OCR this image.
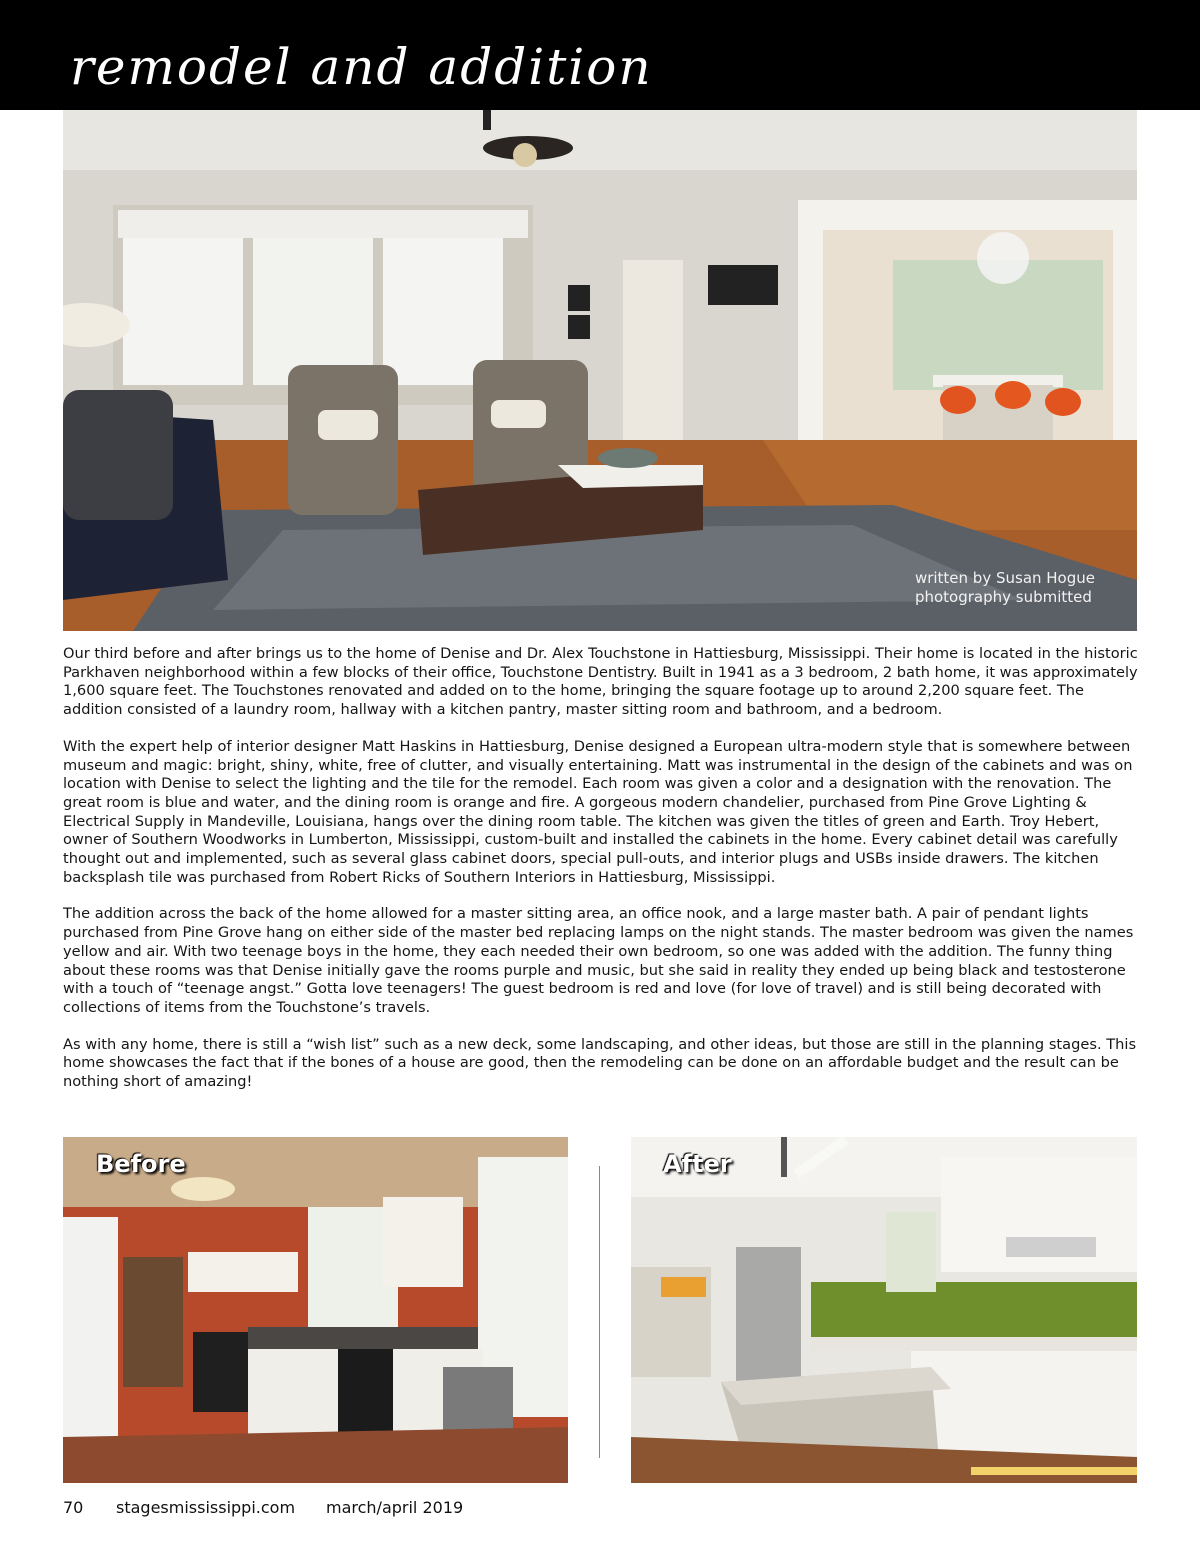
remodel and addition
written by Susan Hogue
photography submitted

Our third before and after brings us to the home of Denise and Dr. Alex Touchstone in Hattiesburg, Mississippi. Their home is located in the historic Parkhaven neighborhood within a few blocks of their office, Touchstone Dentistry. Built in 1941 as a 3 bedroom, 2 bath home, it was approximately 1,600 square feet. The Touchstones renovated and added on to the home, bringing the square footage up to around 2,200 square feet. The addition consisted of a laundry room, hallway with a kitchen pantry, master sitting room and bathroom, and a bedroom.

With the expert help of interior designer Matt Haskins in Hattiesburg, Denise designed a European ultra-modern style that is somewhere between museum and magic: bright, shiny, white, free of clutter, and visually entertaining. Matt was instrumental in the design of the cabinets and was on location with Denise to select the lighting and the tile for the remodel. Each room was given a color and a designation with the renovation. The great room is blue and water, and the dining room is orange and fire. A gorgeous modern chandelier, purchased from Pine Grove Lighting & Electrical Supply in Mandeville, Louisiana, hangs over the dining room table. The kitchen was given the titles of green and Earth. Troy Hebert, owner of Southern Woodworks in Lumberton, Mississippi, custom-built and installed the cabinets in the home. Every cabinet detail was carefully thought out and implemented, such as several glass cabinet doors, special pull-outs, and interior plugs and USBs inside drawers. The kitchen backsplash tile was purchased from Robert Ricks of Southern Interiors in Hattiesburg, Mississippi.

The addition across the back of the home allowed for a master sitting area, an office nook, and a large master bath. A pair of pendant lights purchased from Pine Grove hang on either side of the master bed replacing lamps on the night stands. The master bedroom was given the names yellow and air. With two teenage boys in the home, they each needed their own bedroom, so one was added with the addition. The funny thing about these rooms was that Denise initially gave the rooms purple and music, but she said in reality they ended up being black and testosterone with a touch of “teenage angst.” Gotta love teenagers! The guest bedroom is red and love (for love of travel) and is still being decorated with collections of items from the Touchstone’s travels.

As with any home, there is still a “wish list” such as a new deck, some landscaping, and other ideas, but those are still in the planning stages. This home showcases the fact that if the bones of a house are good, then the remodeling can be done on an affordable budget and the result can be nothing short of amazing!

Before	After
70 stagesmississippi.com march/april 2019
